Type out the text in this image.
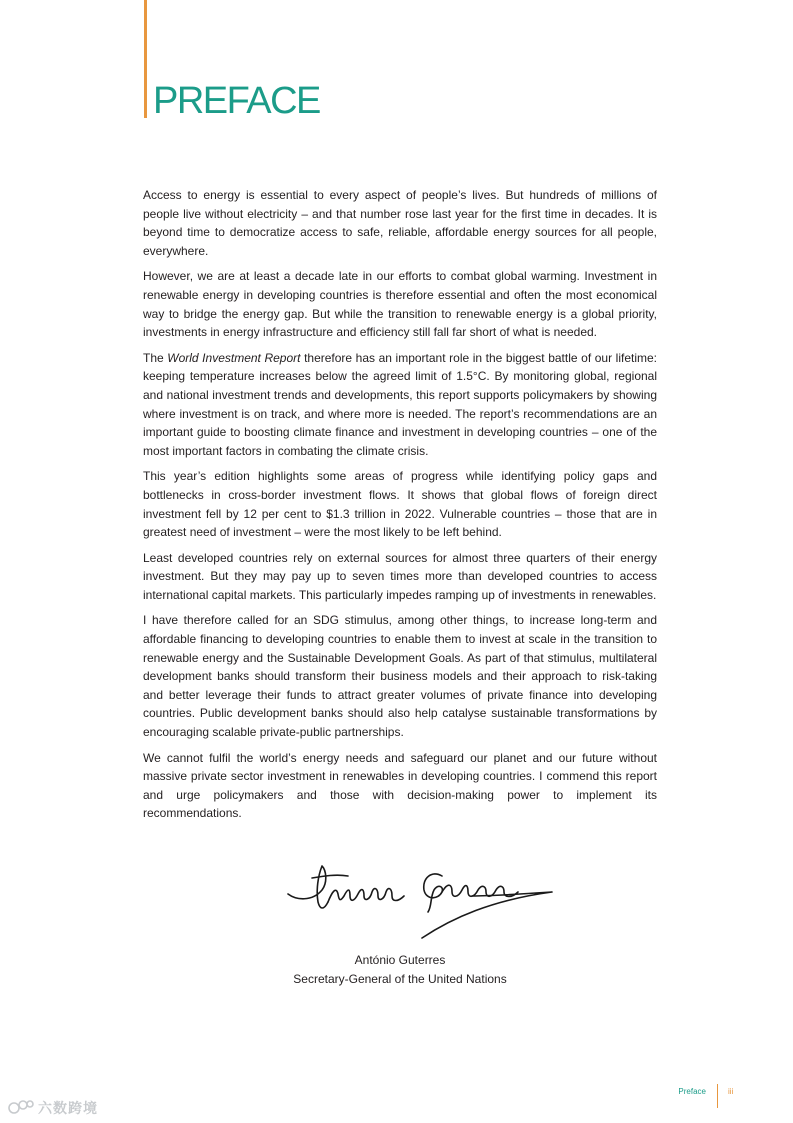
PREFACE

Access to energy is essential to every aspect of people’s lives. But hundreds of millions of people live without electricity – and that number rose last year for the first time in decades. It is beyond time to democratize access to safe, reliable, affordable energy sources for all people, everywhere.

However, we are at least a decade late in our efforts to combat global warming. Investment in renewable energy in developing countries is therefore essential and often the most economical way to bridge the energy gap. But while the transition to renewable energy is a global priority, investments in energy infrastructure and efficiency still fall far short of what is needed.

The World Investment Report therefore has an important role in the biggest battle of our lifetime: keeping temperature increases below the agreed limit of 1.5°C. By monitoring global, regional and national investment trends and developments, this report supports policymakers by showing where investment is on track, and where more is needed. The report’s recommendations are an important guide to boosting climate finance and investment in developing countries – one of the most important factors in combating the climate crisis.

This year’s edition highlights some areas of progress while identifying policy gaps and bottlenecks in cross-border investment flows. It shows that global flows of foreign direct investment fell by 12 per cent to $1.3 trillion in 2022. Vulnerable countries – those that are in greatest need of investment – were the most likely to be left behind.

Least developed countries rely on external sources for almost three quarters of their energy investment. But they may pay up to seven times more than developed countries to access international capital markets. This particularly impedes ramping up of investments in renewables.

I have therefore called for an SDG stimulus, among other things, to increase long-term and affordable financing to developing countries to enable them to invest at scale in the transition to renewable energy and the Sustainable Development Goals. As part of that stimulus, multilateral development banks should transform their business models and their approach to risk-taking and better leverage their funds to attract greater volumes of private finance into developing countries. Public development banks should also help catalyse sustainable transformations by encouraging scalable private-public partnerships.

We cannot fulfil the world’s energy needs and safeguard our planet and our future without massive private sector investment in renewables in developing countries. I commend this report and urge policymakers and those with decision-making power to implement its recommendations.

António Guterres
Secretary-General of the United Nations
Preface	iii
六数跨境
